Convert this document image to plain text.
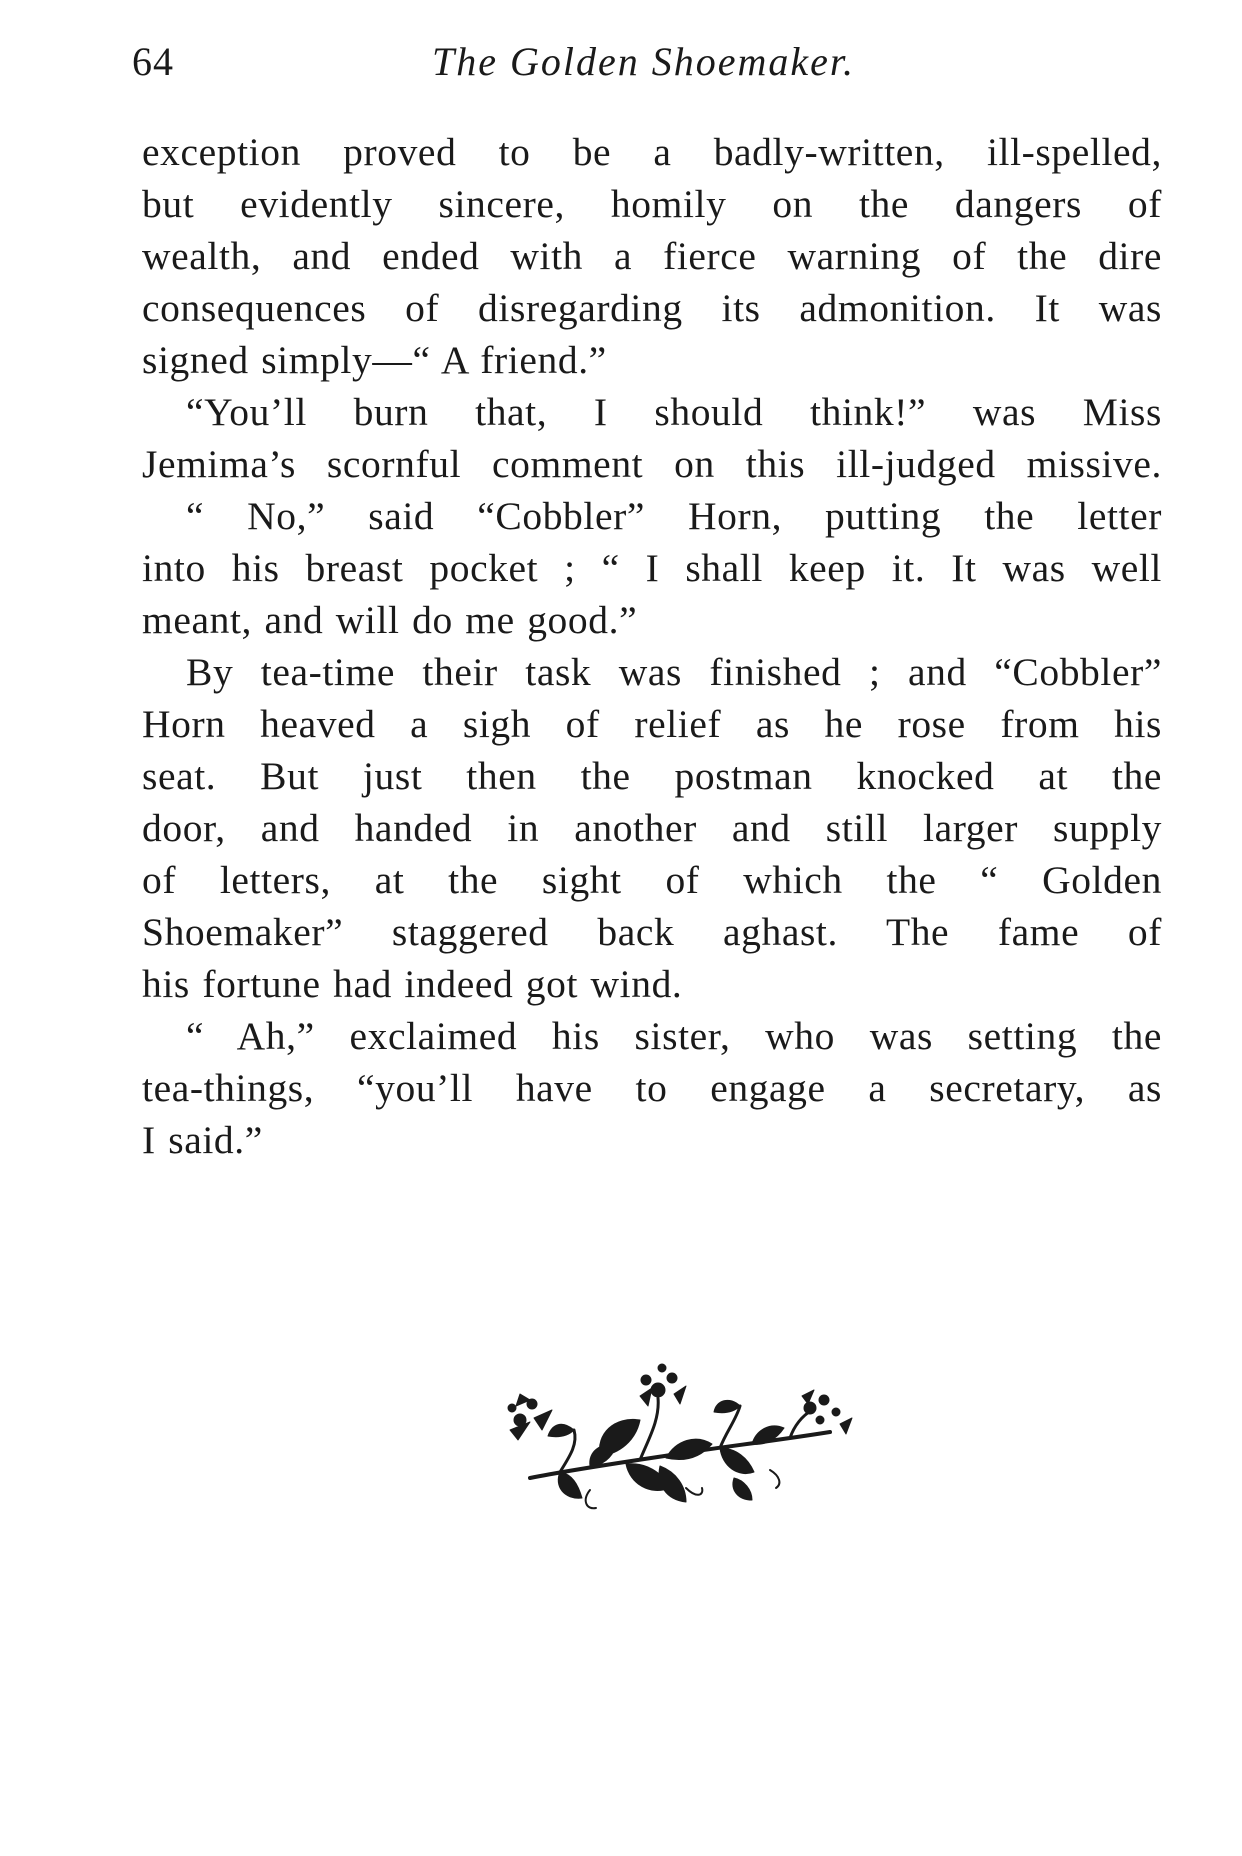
64	The Golden Shoemaker.

exception proved to be a badly-written, ill-spelled,
but evidently sincere, homily on the dangers of
wealth, and ended with a fierce warning of the dire
consequences of disregarding its admonition. It was
signed simply—“ A friend.”

“You’ll burn that, I should think!” was Miss
Jemima’s scornful comment on this ill-judged missive.

“ No,” said “Cobbler” Horn, putting the letter
into his breast pocket ; “ I shall keep it. It was well
meant, and will do me good.”

By tea-time their task was finished ; and “Cobbler”
Horn heaved a sigh of relief as he rose from his
seat. But just then the postman knocked at the
door, and handed in another and still larger supply
of letters, at the sight of which the “ Golden
Shoemaker” staggered back aghast. The fame of
his fortune had indeed got wind.

“ Ah,” exclaimed his sister, who was setting the
tea-things, “you’ll have to engage a secretary, as
I said.”
